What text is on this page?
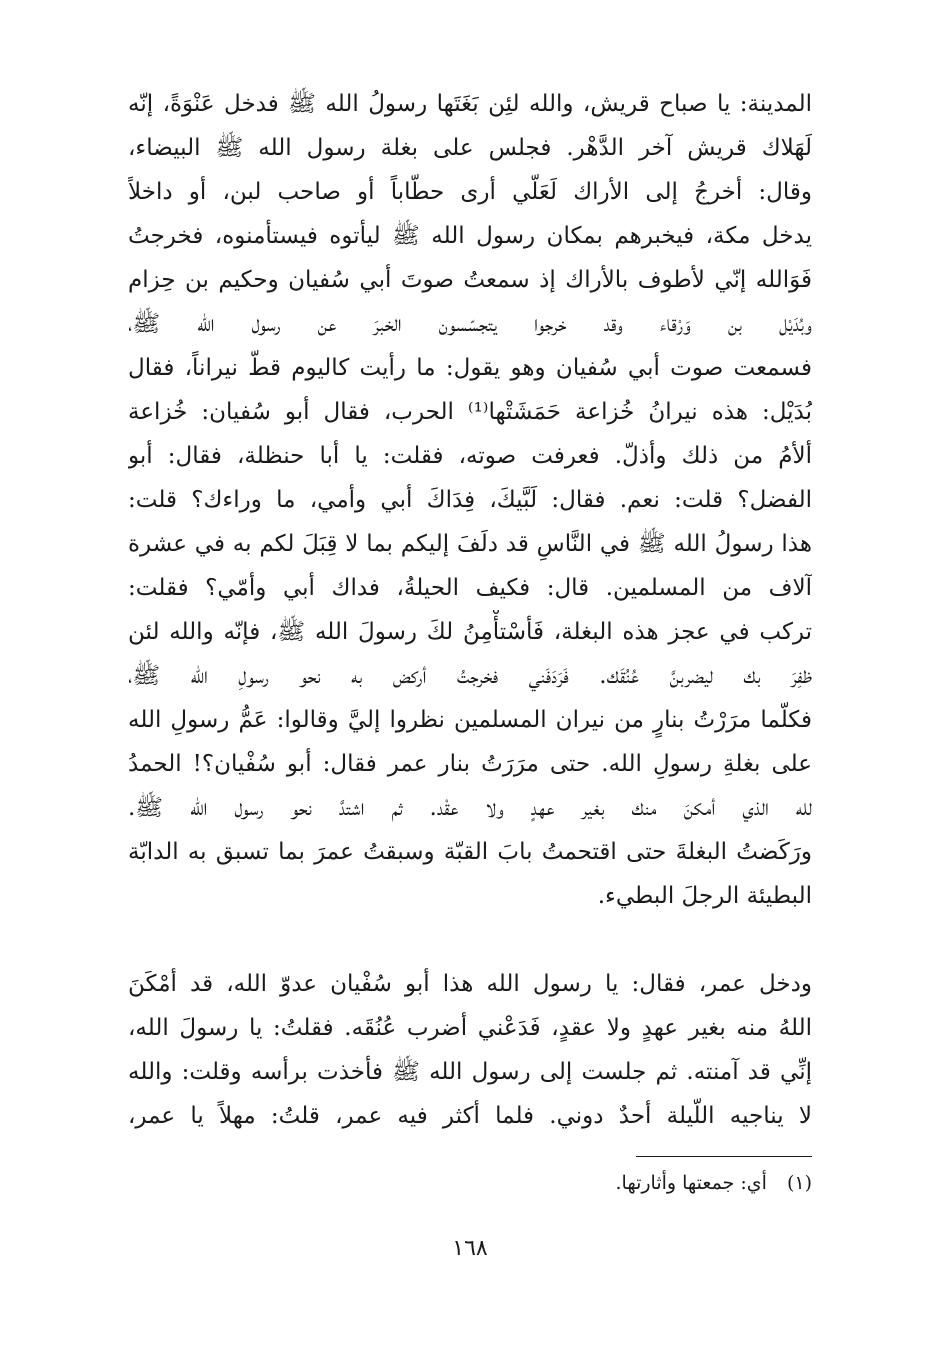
المدينة: يا صباح قريش، والله لئِن بَغَتَها رسولُ الله ﷺ فدخل عَنْوَةً، إنّه
لَهَلاك قريش آخر الدَّهْر. فجلس على بغلة رسول الله ﷺ البيضاء،
وقال: أخرجُ إلى الأراك لَعَلّي أرى حطّاباً أو صاحب لبن، أو داخلاً
يدخل مكة، فيخبرهم بمكان رسول الله ﷺ ليأتوه فيستأمنوه، فخرجتُ
فَوَالله إنّي لأطوف بالأراك إذ سمعتُ صوتَ أبي سُفيان وحكيم بن حِزام
وبُدَيْل بن وَرْقاء وقد خرجوا يتجسّسون الخبرَ عن رسول الله ﷺ،
فسمعت صوت أبي سُفيان وهو يقول: ما رأيت كاليوم قطّ نيراناً، فقال
بُدَيْل: هذه نيرانُ خُزاعة حَمَشَتْها⁽¹⁾ الحرب، فقال أبو سُفيان: خُزاعة
ألأمُ من ذلك وأذلّ. فعرفت صوته، فقلت: يا أبا حنظلة، فقال: أبو
الفضل؟ قلت: نعم. فقال: لَبَّيكَ، فِدَاكَ أبي وأمي، ما وراءك؟ قلت:
هذا رسولُ الله ﷺ في النَّاسِ قد دلَفَ إليكم بما لا قِبَلَ لكم به في عشرة
آلاف من المسلمين. قال: فكيف الحيلةُ، فداك أبي وأمّي؟ فقلت:
تركب في عجز هذه البغلة، فَأسْتأْمِنُ لكَ رسولَ الله ﷺ، فإنّه والله لئن
ظفِرَ بك ليضربنَّ عُنُقَك. فَرَدَفَني فخرجتُ أركض به نحو رسولِ الله ﷺ،
فكلّما مرَرْتُ بنارٍ من نيران المسلمين نظروا إليَّ وقالوا: عَمُّ رسولِ الله
على بغلةِ رسولِ الله. حتى مرَرَتُ بنار عمر فقال: أبو سُفْيان؟! الحمدُ
لله الذي أمكنَ منك بغير عهدٍ ولا عقْد. ثم اشتدَّ نحو رسول الله ﷺ.
ورَكَضتُ البغلةَ حتى اقتحمتُ بابَ القبّة وسبقتُ عمرَ بما تسبق به الدابّة
البطيئة الرجلَ البطيء.
ودخل عمر، فقال: يا رسول الله هذا أبو سُفْيان عدوّ الله، قد أمْكَنَ
اللهُ منه بغير عهدٍ ولا عقدٍ، فَدَعْني أضرب عُنُقَه. فقلتُ: يا رسولَ الله،
إنِّي قد آمنته. ثم جلست إلى رسول الله ﷺ فأخذت برأسه وقلت: والله
لا يناجيه اللّيلة أحدٌ دوني. فلما أكثر فيه عمر، قلتُ: مهلاً يا عمر،
(١) أي: جمعتها وأثارتها.
١٦٨
